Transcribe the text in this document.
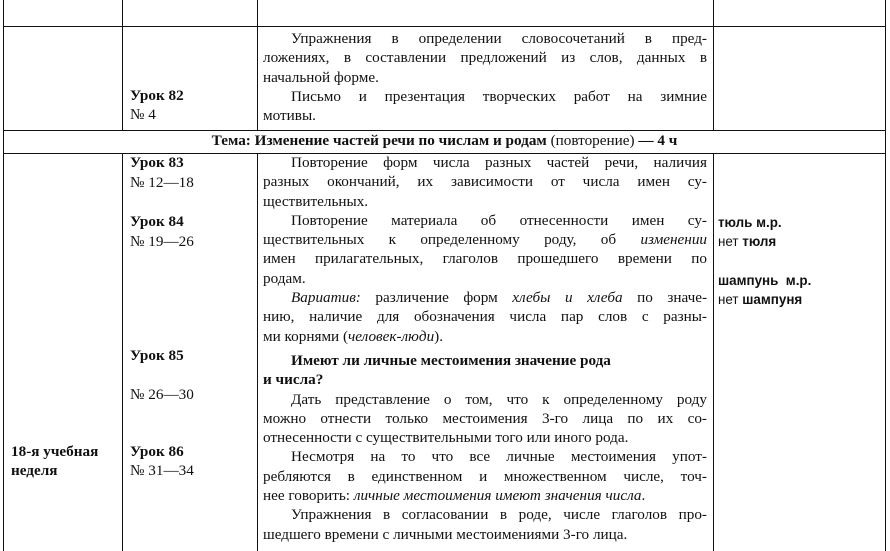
Урок 82
№ 4
Упражнения в определении словосочетаний в пред-
ложениях, в составлении предложений из слов, данных в
начальной форме.
Письмо и презентация творческих работ на зимние
мотивы.
Тема: Изменение частей речи по числам и родам (повторение) — 4 ч
18-я учебная
неделя
Урок 83
№ 12—18
Урок 84
№ 19—26
Урок 85
№ 26—30
Урок 86
№ 31—34
Повторение форм числа разных частей речи, наличия
разных окончаний, их зависимости от числа имен су-
ществительных.
Повторение материала об отнесенности имен су-
ществительных к определенному роду, об изменении
имен прилагательных, глаголов прошедшего времени по
родам.
Вариатив: различение форм хлебы и хлеба по значе-
нию, наличие для обозначения числа пар слов с разны-
ми корнями (человек-люди).
Имеют ли личные местоимения значение рода
и числа?
Дать представление о том, что к определенному роду
можно отнести только местоимения 3-го лица по их со-
отнесенности с существительными того или иного рода.
Несмотря на то что все личные местоимения упот-
ребляются в единственном и множественном числе, точ-
нее говорить: личные местоимения имеют значения числа.
Упражнения в согласовании в роде, числе глаголов про-
шедшего времени с личными местоимениями 3-го лица.
тюль м.р.
нет тюля
шампунь  м.р.
нет шампуня
